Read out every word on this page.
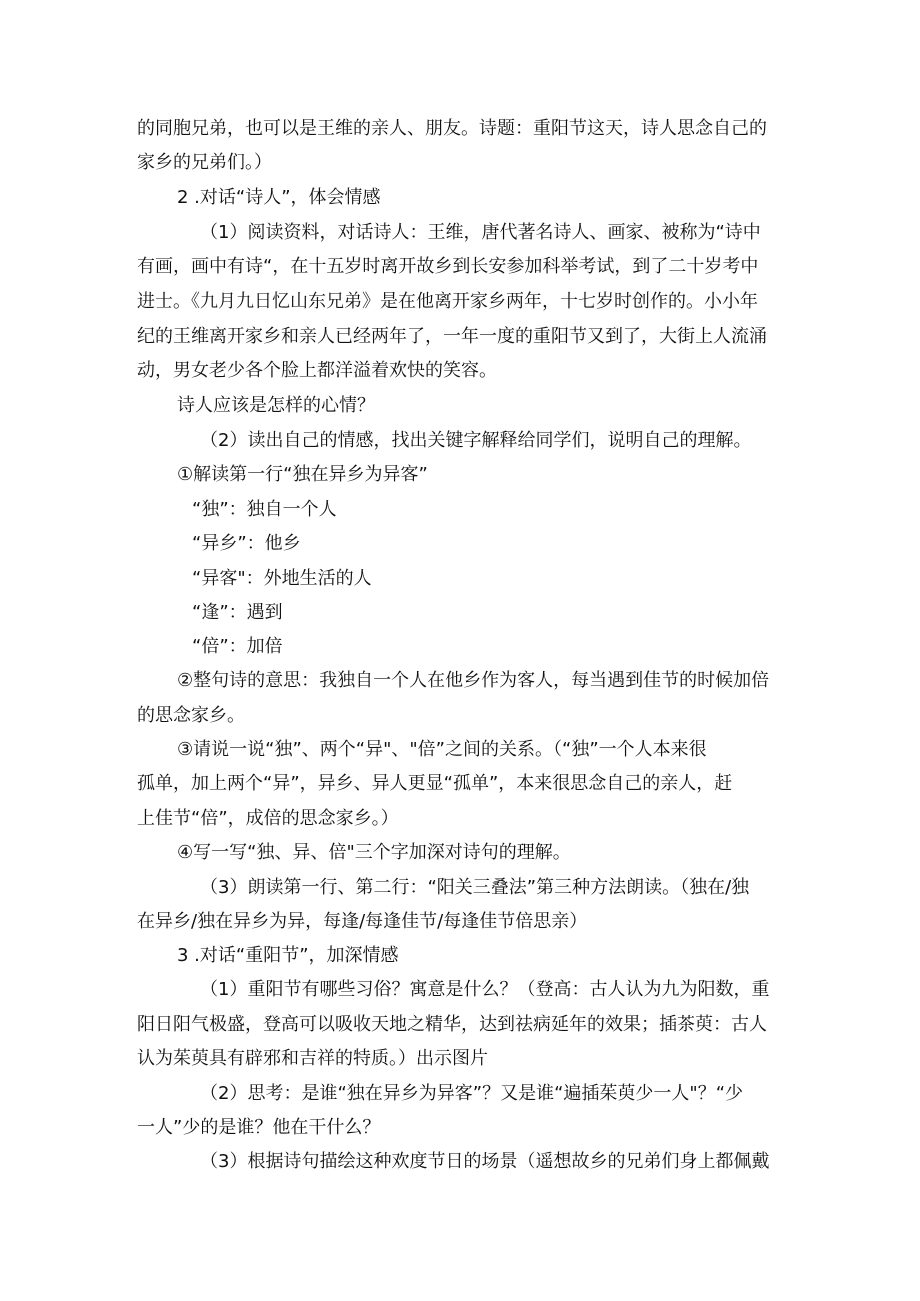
的同胞兄弟，也可以是王维的亲人、朋友。诗题：重阳节这天，诗人思念自己的
家乡的兄弟们。）
2 .对话“诗人”，体会情感
（1）阅读资料，对话诗人：王维，唐代著名诗人、画家、被称为“诗中
有画，画中有诗“，在十五岁时离开故乡到长安参加科举考试，到了二十岁考中
进士。《九月九日忆山东兄弟》是在他离开家乡两年，十七岁时创作的。小小年
纪的王维离开家乡和亲人已经两年了，一年一度的重阳节又到了，大街上人流涌
动，男女老少各个脸上都洋溢着欢快的笑容。
诗人应该是怎样的心情？
（2）读出自己的情感，找出关键字解释给同学们，说明自己的理解。
①解读第一行“独在异乡为异客”
“独”：独自一个人
“异乡”：他乡
“异客"：外地生活的人
“逢”：遇到
“倍”：加倍
②整句诗的意思：我独自一个人在他乡作为客人，每当遇到佳节的时候加倍
的思念家乡。
③请说一说“独”、两个“异"、"倍”之间的关系。（“独”一个人本来很
孤单，加上两个“异”，异乡、异人更显“孤单”，本来很思念自己的亲人，赶
上佳节“倍”，成倍的思念家乡。）
④写一写“独、异、倍"三个字加深对诗句的理解。
（3）朗读第一行、第二行：“阳关三叠法”第三种方法朗读。（独在/独
在异乡/独在异乡为异，每逢/每逢佳节/每逢佳节倍思亲）
3 .对话“重阳节”，加深情感
（1）重阳节有哪些习俗？寓意是什么？（登高：古人认为九为阳数，重
阳日阳气极盛，登高可以吸收天地之精华，达到祛病延年的效果；插茶萸：古人
认为茱萸具有辟邪和吉祥的特质。）出示图片
（2）思考：是谁“独在异乡为异客”？又是谁“遍插茱萸少一人"？“少
一人”少的是谁？他在干什么？
（3）根据诗句描绘这种欢度节日的场景（遥想故乡的兄弟们身上都佩戴
